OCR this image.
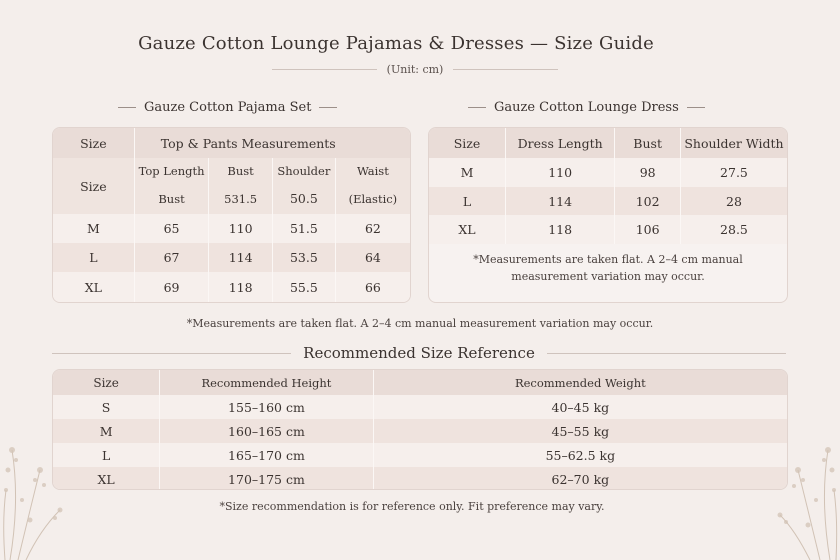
Gauze Cotton Lounge Pajamas & Dresses — Size Guide
(Unit: cm)
Gauze Cotton Pajama Set
Size	Top & Pants Measurements			
Size	Top Length	Bust	Shoulder	Waist
	Bust	531.5	50.5	(Elastic)
M	65	110	51.5	62
L	67	114	53.5	64
XL	69	118	55.5	66
Gauze Cotton Lounge Dress
Size	Dress Length	Bust	Shoulder Width
M	110	98	27.5
L	114	102	28
XL	118	106	28.5
*Measurements are taken flat. A 2–4 cm manual
measurement variation may occur.
*Measurements are taken flat. A 2–4 cm manual measurement variation may occur.
Recommended Size Reference
Size	Recommended Height	Recommended Weight
S	155–160 cm	40–45 kg
M	160–165 cm	45–55 kg
L	165–170 cm	55–62.5 kg
XL	170–175 cm	62–70 kg
*Size recommendation is for reference only. Fit preference may vary.
